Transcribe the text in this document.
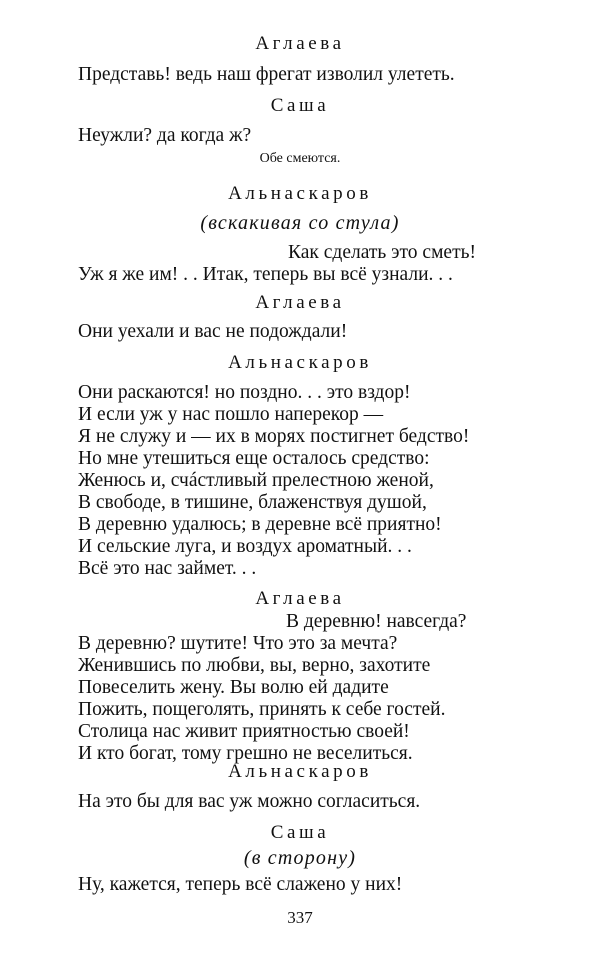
Аглаева
Представь! ведь наш фрегат изволил улететь.
Саша
Неужли? да когда ж?
Обе смеются.
Альнаскаров
(вскакивая со стула)
Как сделать это сметь!
Уж я же им! . . Итак, теперь вы всё узнали. . .
Аглаева
Они уехали и вас не подождали!
Альнаскаров
Они раскаются! но поздно. . . это вздор!
И если уж у нас пошло наперекор —
Я не служу и — их в морях постигнет бедство!
Но мне утешиться еще осталось средство:
Женюсь и, счáстливый прелестною женой,
В свободе, в тишине, блаженствуя душой,
В деревню удалюсь; в деревне всё приятно!
И сельские луга, и воздух ароматный. . .
Всё это нас займет. . .
Аглаева
В деревню! навсегда?
В деревню? шутите! Что это за мечта?
Женившись по любви, вы, верно, захотите
Повеселить жену. Вы волю ей дадите
Пожить, пощеголять, принять к себе гостей.
Столица нас живит приятностью своей!
И кто богат, тому грешно не веселиться.
Альнаскаров
На это бы для вас уж можно согласиться.
Саша
(в сторону)
Ну, кажется, теперь всё слажено у них!
337
